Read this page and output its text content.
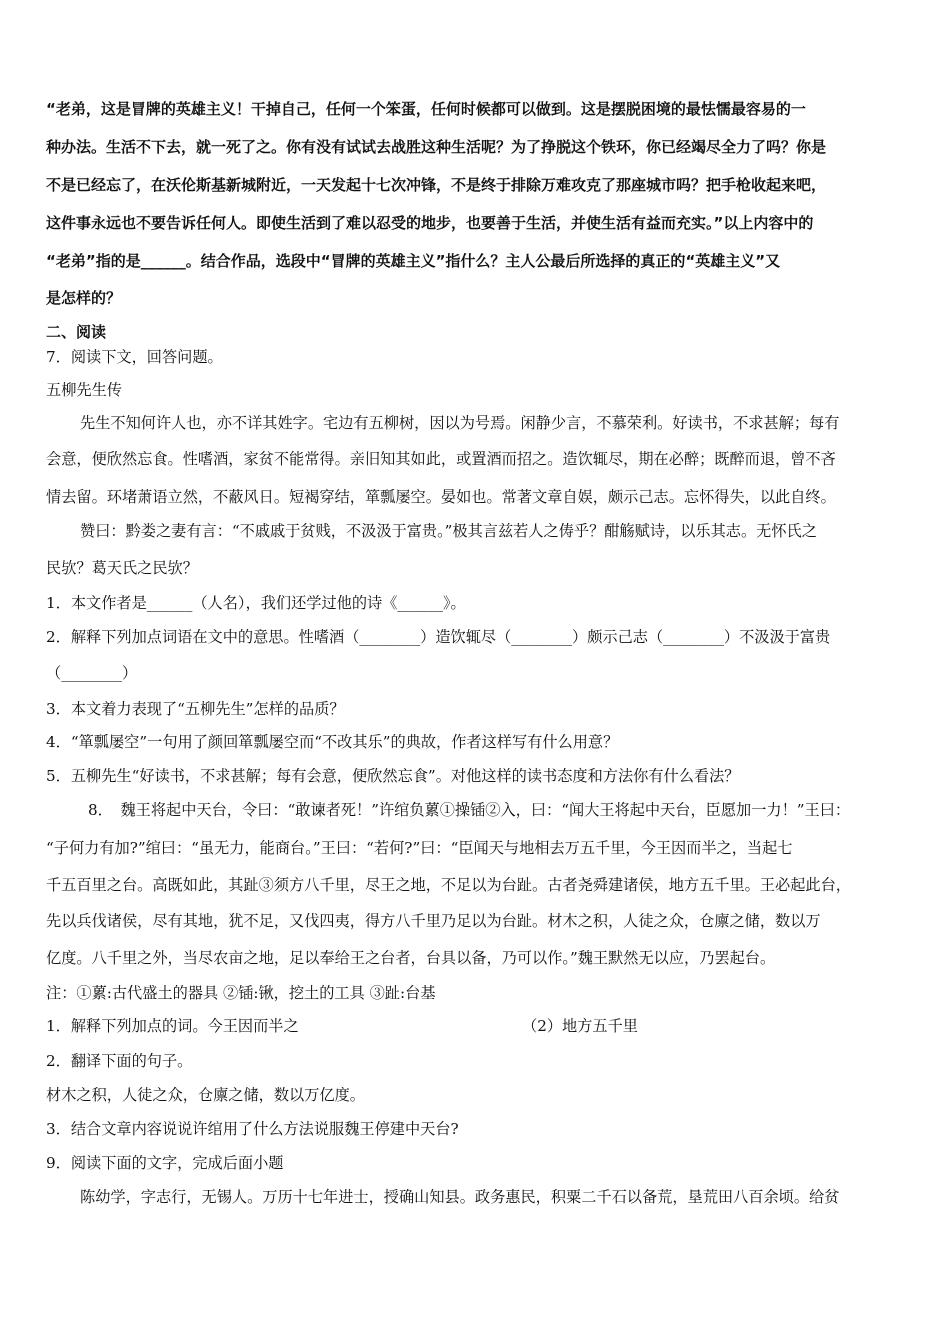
“老弟，这是冒牌的英雄主义！干掉自己，任何一个笨蛋，任何时候都可以做到。这是摆脱困境的最怯懦最容易的一
种办法。生活不下去，就一死了之。你有没有试试去战胜这种生活呢？为了挣脱这个铁环，你已经竭尽全力了吗？你是
不是已经忘了，在沃伦斯基新城附近，一天发起十七次冲锋，不是终于排除万难攻克了那座城市吗？把手枪收起来吧，
这件事永远也不要告诉任何人。即使生活到了难以忍受的地步，也要善于生活，并使生活有益而充实。”以上内容中的
“老弟”指的是______。结合作品，选段中“冒牌的英雄主义”指什么？主人公最后所选择的真正的“英雄主义”又
是怎样的？
二、阅读
7．阅读下文，回答问题。
五柳先生传
先生不知何许人也，亦不详其姓字。宅边有五柳树，因以为号焉。闲静少言，不慕荣利。好读书，不求甚解；每有
会意，便欣然忘食。性嗜酒，家贫不能常得。亲旧知其如此，或置酒而招之。造饮辄尽，期在必醉；既醉而退，曾不吝
情去留。环堵萧语立然，不蔽风日。短褐穿结，箪瓢屡空。晏如也。常著文章自娱，颇示己志。忘怀得失，以此自终。
赞曰：黔娄之妻有言：“不戚戚于贫贱，不汲汲于富贵。”极其言兹若人之俦乎？酣觞赋诗，以乐其志。无怀氏之
民欤？葛天氏之民欤？
1．本文作者是______（人名），我们还学过他的诗《______》。
2．解释下列加点词语在文中的意思。性嗜酒（________）造饮辄尽（________）颇示己志（________）不汲汲于富贵
（________）
3．本文着力表现了“五柳先生”怎样的品质？
4．“箪瓢屡空”一句用了颜回箪瓢屡空而“不改其乐”的典故，作者这样写有什么用意？
5．五柳先生“好读书，不求甚解；每有会意，便欣然忘食”。对他这样的读书态度和方法你有什么看法？
8．　魏王将起中天台，令曰：“敢谏者死！”许绾负蔂①操锸②入，曰：“闻大王将起中天台，臣愿加一力！”王曰：
“子何力有加?”绾曰：“虽无力，能商台。”王曰：“若何?”曰：“臣闻天与地相去万五千里，今王因而半之，当起七
千五百里之台。高既如此，其趾③须方八千里，尽王之地，不足以为台趾。古者尧舜建诸侯，地方五千里。王必起此台，
先以兵伐诸侯，尽有其地，犹不足，又伐四夷，得方八千里乃足以为台趾。材木之积，人徒之众，仓廪之储，数以万
亿度。八千里之外，当尽农亩之地，足以奉给王之台者，台具以备，乃可以作。”魏王默然无以应，乃罢起台。
注：①蔂:古代盛土的器具 ②锸:锹，挖土的工具 ③趾:台基
1．解释下列加点的词。今王因而半之	（2）地方五千里
2．翻译下面的句子。
材木之积，人徒之众，仓廪之储，数以万亿度。
3．结合文章内容说说许绾用了什么方法说服魏王停建中天台?
9．阅读下面的文字，完成后面小题
陈幼学，字志行，无锡人。万历十七年进士，授确山知县。政务惠民，积粟二千石以备荒，垦荒田八百余顷。给贫
